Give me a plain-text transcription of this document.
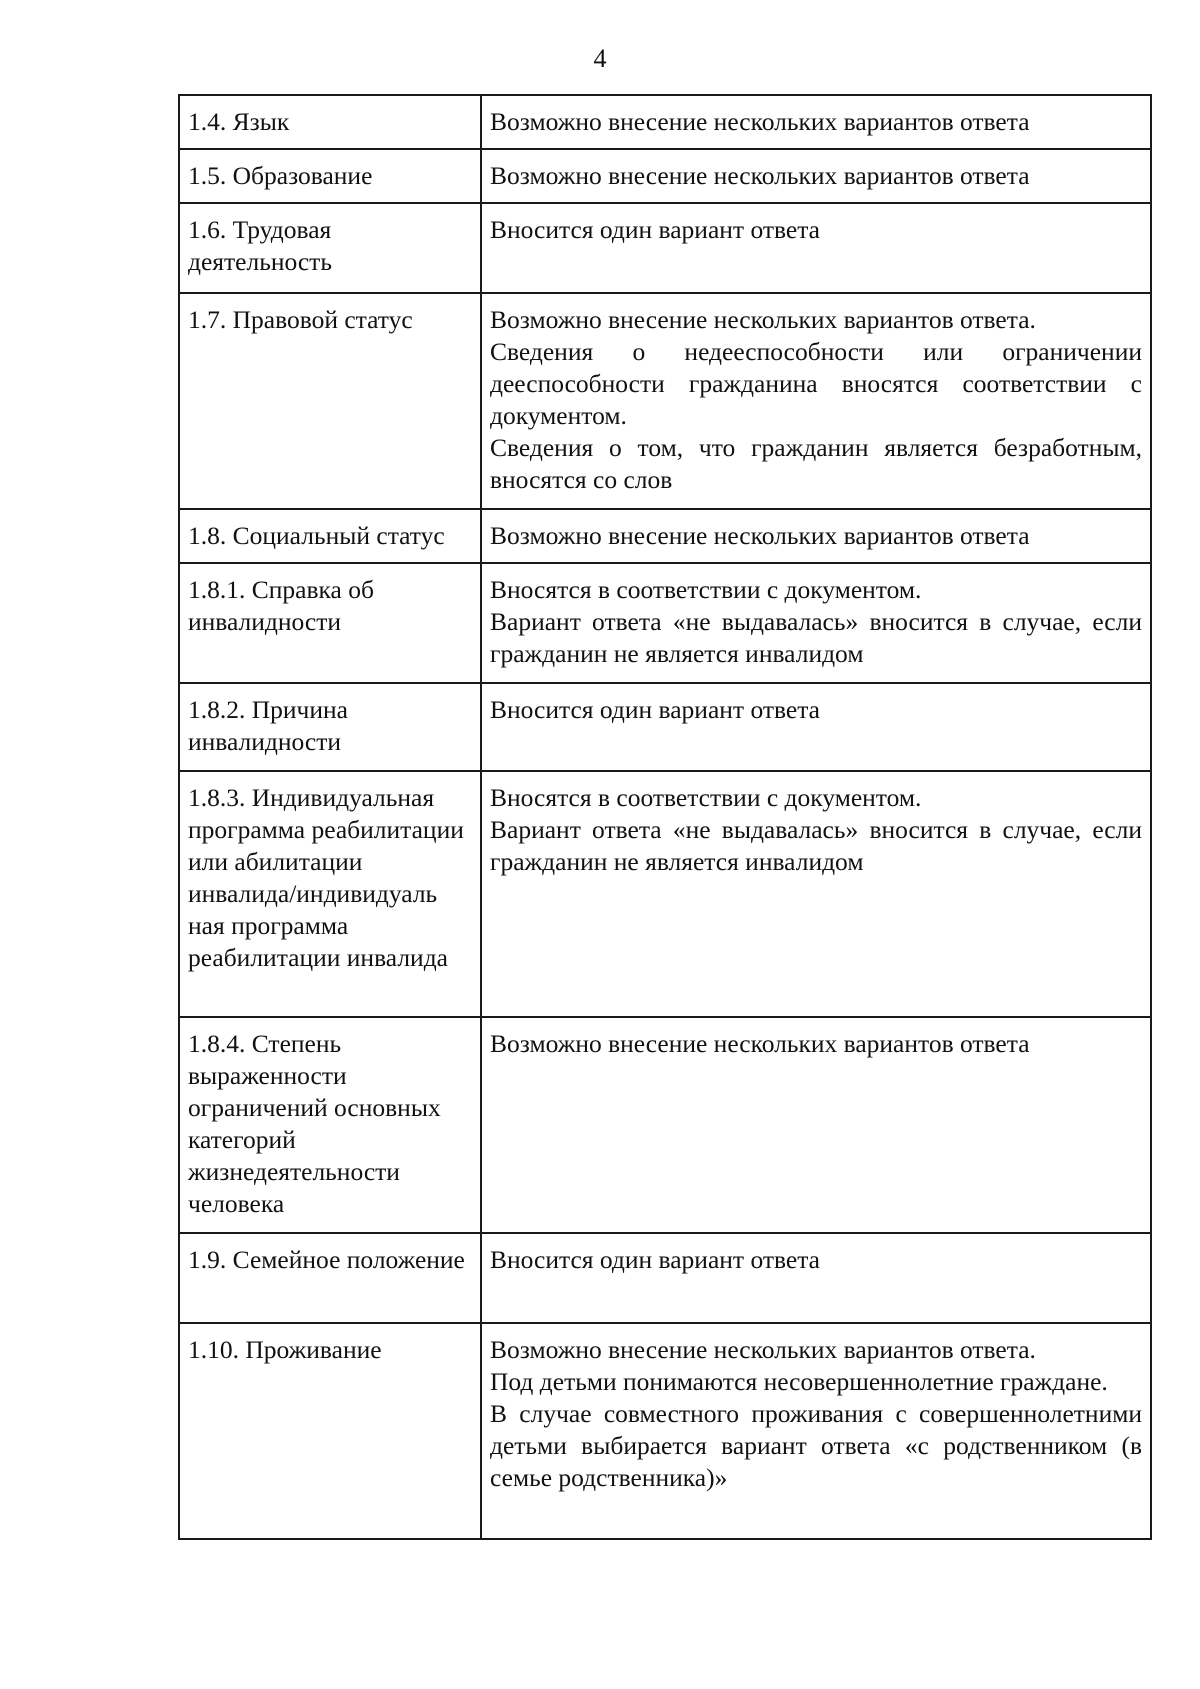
4
1.4. Язык	Возможно внесение нескольких вариантов ответа

1.5. Образование	Возможно внесение нескольких вариантов ответа

1.6. Трудовая деятельность	Вносится один вариант ответа

1.7. Правовой статус	Возможно внесение нескольких вариантов ответа.
Сведения о недееспособности или ограничении дееспособности гражданина вносятся соответствии с документом.
Сведения о том, что гражданин является безработным, вносятся со слов

1.8. Социальный статус	Возможно внесение нескольких вариантов ответа

1.8.1. Справка об инвалидности	Вносятся в соответствии с документом.
Вариант ответа «не выдавалась» вносится в случае, если гражданин не является инвалидом

1.8.2. Причина инвалидности	Вносится один вариант ответа

1.8.3. Индивидуальная программа реабилитации или абилитации инвалида/индивидуаль ная программа реабилитации инвалида	Вносятся в соответствии с документом.
Вариант ответа «не выдавалась» вносится в случае, если гражданин не является инвалидом

1.8.4. Степень выраженности ограничений основных категорий жизнедеятельности человека	Возможно внесение нескольких вариантов ответа

1.9. Семейное положение	Вносится один вариант ответа

1.10. Проживание	Возможно внесение нескольких вариантов ответа.
Под детьми понимаются несовершеннолетние граждане.
В случае совместного проживания с совершеннолетними детьми выбирается вариант ответа «с родственником (в семье родственника)»
